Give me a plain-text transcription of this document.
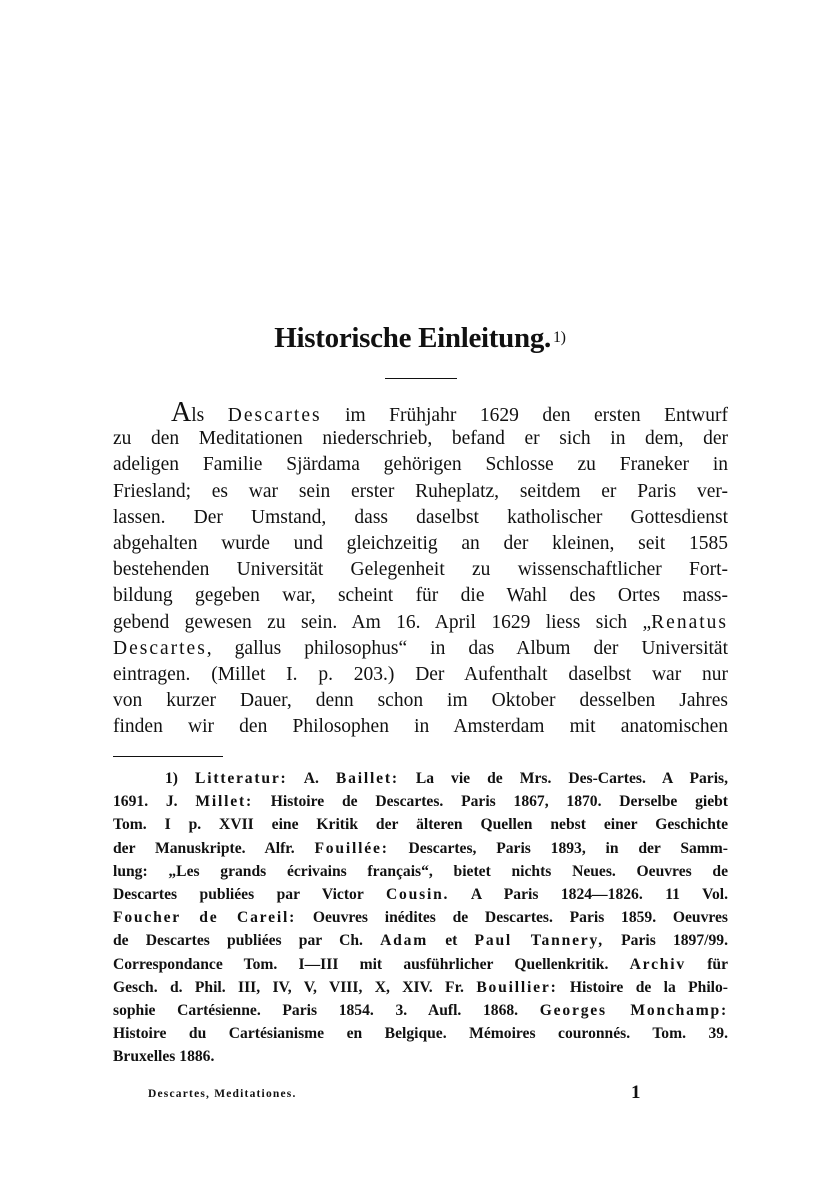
Historische Einleitung. $^{1)}$
Als Descartes im Frühjahr 1629 den ersten Entwurf
zu den Meditationen niederschrieb, befand er sich in dem, der
adeligen Familie Sjärdama gehörigen Schlosse zu Franeker in
Friesland; es war sein erster Ruheplatz, seitdem er Paris ver-
lassen. Der Umstand, dass daselbst katholischer Gottesdienst
abgehalten wurde und gleichzeitig an der kleinen, seit 1585
bestehenden Universität Gelegenheit zu wissenschaftlicher Fort-
bildung gegeben war, scheint für die Wahl des Ortes mass-
gebend gewesen zu sein. Am 16. April 1629 liess sich „Renatus
Descartes, gallus philosophus“ in das Album der Universität
eintragen. (Millet I. p. 203.) Der Aufenthalt daselbst war nur
von kurzer Dauer, denn schon im Oktober desselben Jahres
finden wir den Philosophen in Amsterdam mit anatomischen
1) Litteratur: A. Baillet: La vie de Mrs. Des-Cartes. A Paris,
1691. J. Millet: Histoire de Descartes. Paris 1867, 1870. Derselbe giebt
Tom. I p. XVII eine Kritik der älteren Quellen nebst einer Geschichte
der Manuskripte. Alfr. Fouillée: Descartes, Paris 1893, in der Samm-
lung: „Les grands écrivains français“, bietet nichts Neues. Oeuvres de
Descartes publiées par Victor Cousin. A Paris 1824—1826. 11 Vol.
Foucher de Careil: Oeuvres inédites de Descartes. Paris 1859. Oeuvres
de Descartes publiées par Ch. Adam et Paul Tannery, Paris 1897/99.
Correspondance Tom. I—III mit ausführlicher Quellenkritik. Archiv für
Gesch. d. Phil. III, IV, V, VIII, X, XIV. Fr. Bouillier: Histoire de la Philo-
sophie Cartésienne. Paris 1854. 3. Aufl. 1868. Georges Monchamp:
Histoire du Cartésianisme en Belgique. Mémoires couronnés. Tom. 39.
Bruxelles 1886.
Descartes, Meditationes.	1
